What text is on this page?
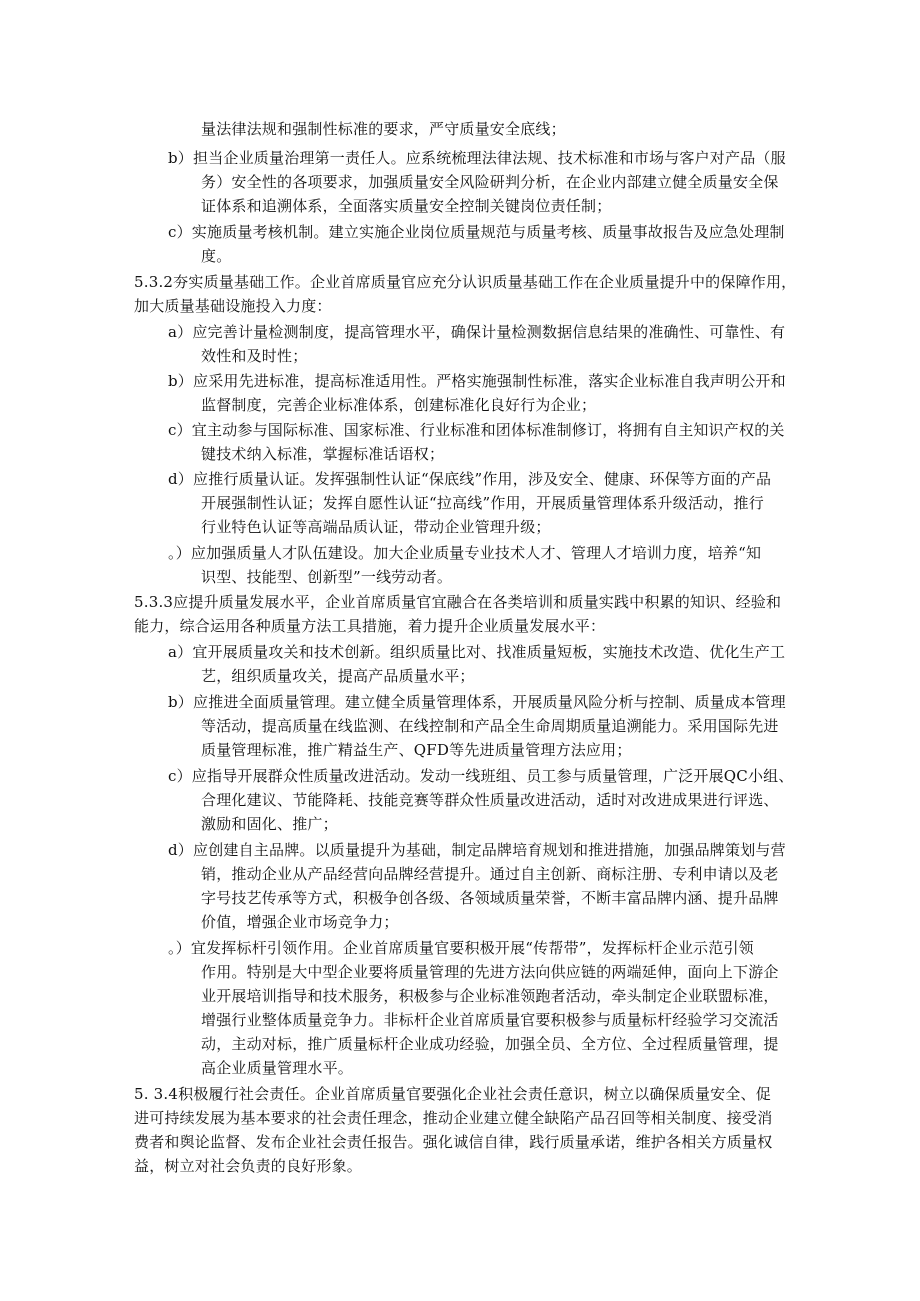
量法律法规和强制性标准的要求，严守质量安全底线；
b）担当企业质量治理第一责任人。应系统梳理法律法规、技术标准和市场与客户对产品（服
务）安全性的各项要求，加强质量安全风险研判分析，在企业内部建立健全质量安全保
证体系和追溯体系，全面落实质量安全控制关键岗位责任制；
c）实施质量考核机制。建立实施企业岗位质量规范与质量考核、质量事故报告及应急处理制
度。
5.3.2夯实质量基础工作。企业首席质量官应充分认识质量基础工作在企业质量提升中的保障作用，
加大质量基础设施投入力度：
a）应完善计量检测制度，提高管理水平，确保计量检测数据信息结果的准确性、可靠性、有
效性和及时性；
b）应采用先进标准，提高标准适用性。严格实施强制性标准，落实企业标准自我声明公开和
监督制度，完善企业标准体系，创建标准化良好行为企业；
c）宜主动参与国际标准、国家标准、行业标准和团体标准制修订，将拥有自主知识产权的关
键技术纳入标准，掌握标准话语权；
d）应推行质量认证。发挥强制性认证“保底线”作用，涉及安全、健康、环保等方面的产品
开展强制性认证；发挥自愿性认证“拉高线”作用，开展质量管理体系升级活动，推行
行业特色认证等高端品质认证，带动企业管理升级；
。）应加强质量人才队伍建设。加大企业质量专业技术人才、管理人才培训力度，培养“知
识型、技能型、创新型”一线劳动者。
5.3.3应提升质量发展水平，企业首席质量官宜融合在各类培训和质量实践中积累的知识、经验和
能力，综合运用各种质量方法工具措施，着力提升企业质量发展水平：
a）宜开展质量攻关和技术创新。组织质量比对、找准质量短板，实施技术改造、优化生产工
艺，组织质量攻关，提高产品质量水平；
b）应推进全面质量管理。建立健全质量管理体系，开展质量风险分析与控制、质量成本管理
等活动，提高质量在线监测、在线控制和产品全生命周期质量追溯能力。采用国际先进
质量管理标准，推广精益生产、QFD等先进质量管理方法应用；
c）应指导开展群众性质量改进活动。发动一线班组、员工参与质量管理，广泛开展QC小组、
合理化建议、节能降耗、技能竞赛等群众性质量改进活动，适时对改进成果进行评选、
激励和固化、推广；
d）应创建自主品牌。以质量提升为基础，制定品牌培育规划和推进措施，加强品牌策划与营
销，推动企业从产品经营向品牌经营提升。通过自主创新、商标注册、专利申请以及老
字号技艺传承等方式，积极争创各级、各领域质量荣誉，不断丰富品牌内涵、提升品牌
价值，增强企业市场竞争力；
。）宜发挥标杆引领作用。企业首席质量官要积极开展“传帮带”，发挥标杆企业示范引领
作用。特别是大中型企业要将质量管理的先进方法向供应链的两端延伸，面向上下游企
业开展培训指导和技术服务，积极参与企业标准领跑者活动，牵头制定企业联盟标准，
增强行业整体质量竞争力。非标杆企业首席质量官要积极参与质量标杆经验学习交流活
动，主动对标，推广质量标杆企业成功经验，加强全员、全方位、全过程质量管理，提
高企业质量管理水平。
5. 3.4积极履行社会责任。企业首席质量官要强化企业社会责任意识，树立以确保质量安全、促
进可持续发展为基本要求的社会责任理念，推动企业建立健全缺陷产品召回等相关制度、接受消
费者和舆论监督、发布企业社会责任报告。强化诚信自律，践行质量承诺，维护各相关方质量权
益，树立对社会负责的良好形象。
